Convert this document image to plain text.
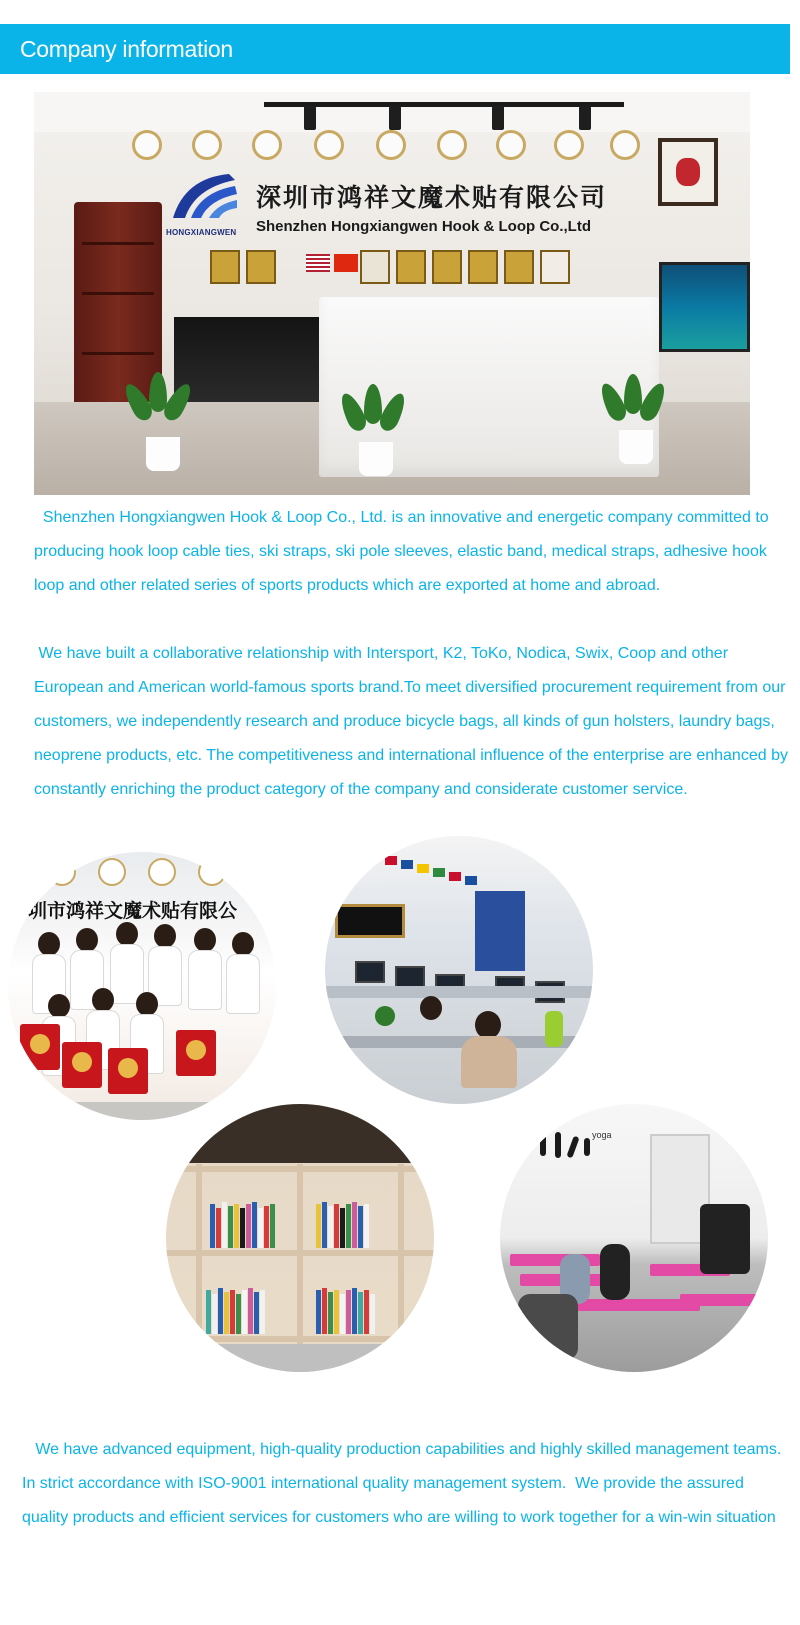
Company information
HONGXIANGWEN
深圳市鸿祥文魔术贴有限公司
Shenzhen Hongxiangwen Hook & Loop Co.,Ltd

Shenzhen Hongxiangwen Hook & Loop Co., Ltd. is an innovative and energetic company committed to producing hook loop cable ties, ski straps, ski pole sleeves, elastic band, medical straps, adhesive hook loop and other related series of sports products which are exported at home and abroad.

We have built a collaborative relationship with Intersport, K2, ToKo, Nodica, Swix, Coop and other European and American world-famous sports brand.To meet diversified procurement requirement from our customers, we independently research and produce bicycle bags, all kinds of gun holsters, laundry bags, neoprene products, etc. The competitiveness and international influence of the enterprise are enhanced by constantly enriching the product category of the company and considerate customer service.

圳市鸿祥文魔术贴有限公
yoga

We have advanced equipment, high-quality production capabilities and highly skilled management teams. In strict accordance with ISO-9001 international quality management system.  We provide the assured quality products and efficient services for customers who are willing to work together for a win-win situation
